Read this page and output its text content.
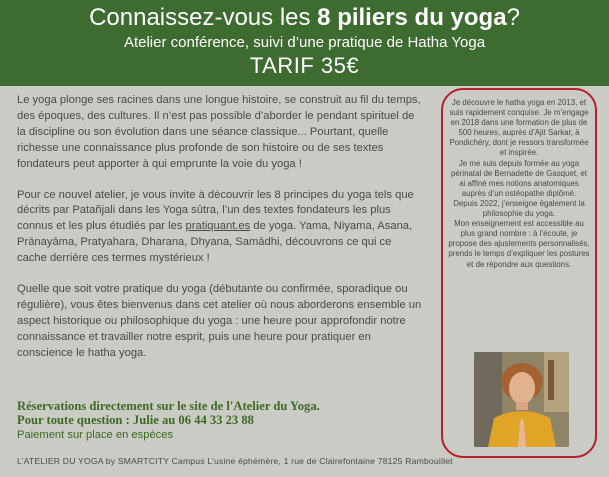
Connaissez-vous les 8 piliers du yoga?
Atelier conférence, suivi d’une pratique de Hatha Yoga
TARIF 35€

Le yoga plonge ses racines dans une longue histoire, se construit au fil du temps, des époques, des cultures. Il n’est pas possible d’aborder le pendant spirituel de la discipline ou son évolution dans une séance classique... Pourtant, quelle richesse une connaissance plus profonde de son histoire ou de ses textes fondateurs peut apporter à qui emprunte la voie du yoga !

Pour ce nouvel atelier, je vous invite à découvrir les 8 principes du yoga tels que décrits par Patañjali dans les Yoga sûtra, l’un des textes fondateurs les plus connus et les plus étudiés par les pratiquant.es de yoga. Yama, Niyama, Asana, Prānayāma, Pratyahara, Dharana, Dhyana, Samādhi, découvrons ce qui ce cache derrière ces termes mystérieux !

Quelle que soit votre pratique du yoga (débutante ou confirmée, sporadique ou régulière), vous êtes bienvenus dans cet atelier où nous aborderons ensemble un aspect historique ou philosophique du yoga : une heure pour approfondir notre connaissance et travailler notre esprit, puis une heure pour pratiquer en conscience le hatha yoga.

Réservations directement sur le site de l'Atelier du Yoga.
Pour toute question : Julie au 06 44 33 23 88
Paiement sur place en espèces
L’ATELIER DU YOGA by SMARTCITY Campus L’usine éphémère, 1 rue de Clairefontaine 78125 Rambouillet

Je découvre le hatha yoga en 2013, et suis rapidement conquise. Je m’engage en 2018 dans une formation de plus de 500 heures, auprès d’Ajit Sarkar, à Pondichéry, dont je ressors transformée et inspirée.

Je me suis depuis formée au yoga périnatal de Bernadette de Gasquet, et ai affiné mes notions anatomiques auprès d’un ostéopathe diplômé.

Depuis 2022, j’enseigne également la philosophie du yoga.

Mon enseignement est accessible au plus grand nombre : à l’écoute, je propose des ajustements personnalisés, prends le temps d’expliquer les postures et de répondre aux questions.
